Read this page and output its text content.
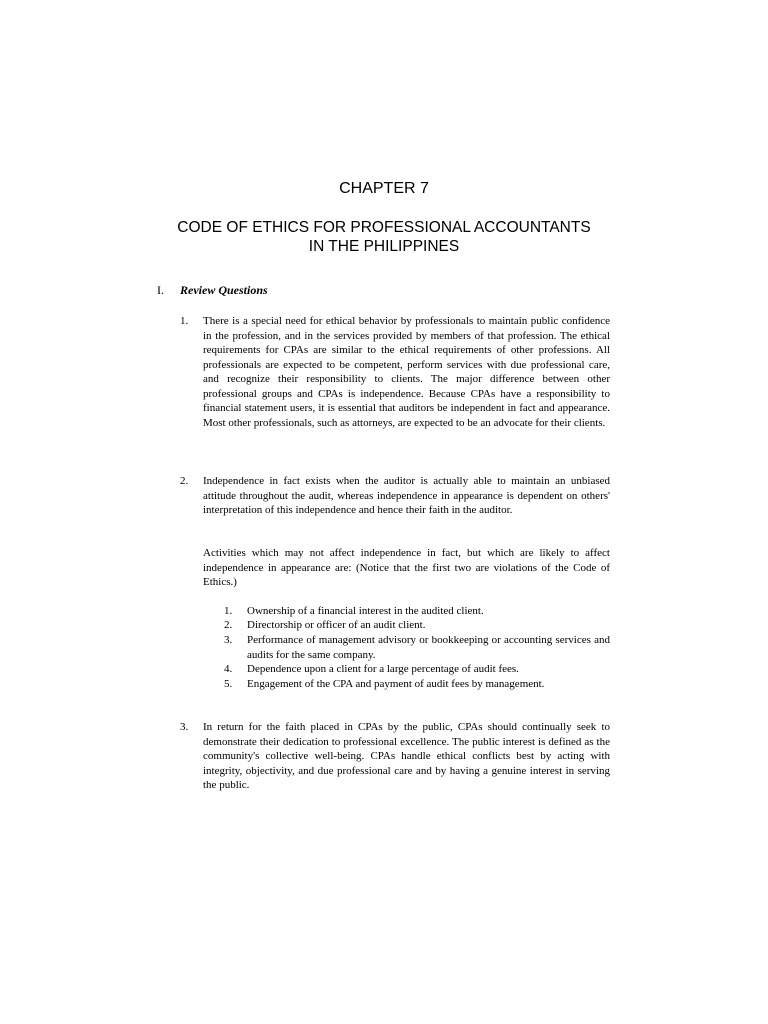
CHAPTER 7
CODE OF ETHICS FOR PROFESSIONAL ACCOUNTANTS
IN THE PHILIPPINES
I. Review Questions
1. There is a special need for ethical behavior by professionals to maintain public confidence in the profession, and in the services provided by members of that profession. The ethical requirements for CPAs are similar to the ethical requirements of other professions. All professionals are expected to be competent, perform services with due professional care, and recognize their responsibility to clients. The major difference between other professional groups and CPAs is independence. Because CPAs have a responsibility to financial statement users, it is essential that auditors be independent in fact and appearance. Most other professionals, such as attorneys, are expected to be an advocate for their clients.
2. Independence in fact exists when the auditor is actually able to maintain an unbiased attitude throughout the audit, whereas independence in appearance is dependent on others' interpretation of this independence and hence their faith in the auditor.
Activities which may not affect independence in fact, but which are likely to affect independence in appearance are: (Notice that the first two are violations of the Code of Ethics.)
1. Ownership of a financial interest in the audited client.
2. Directorship or officer of an audit client.
3. Performance of management advisory or bookkeeping or accounting services and audits for the same company.
4. Dependence upon a client for a large percentage of audit fees.
5. Engagement of the CPA and payment of audit fees by management.
3. In return for the faith placed in CPAs by the public, CPAs should continually seek to demonstrate their dedication to professional excellence. The public interest is defined as the community's collective well-being. CPAs handle ethical conflicts best by acting with integrity, objectivity, and due professional care and by having a genuine interest in serving the public.
